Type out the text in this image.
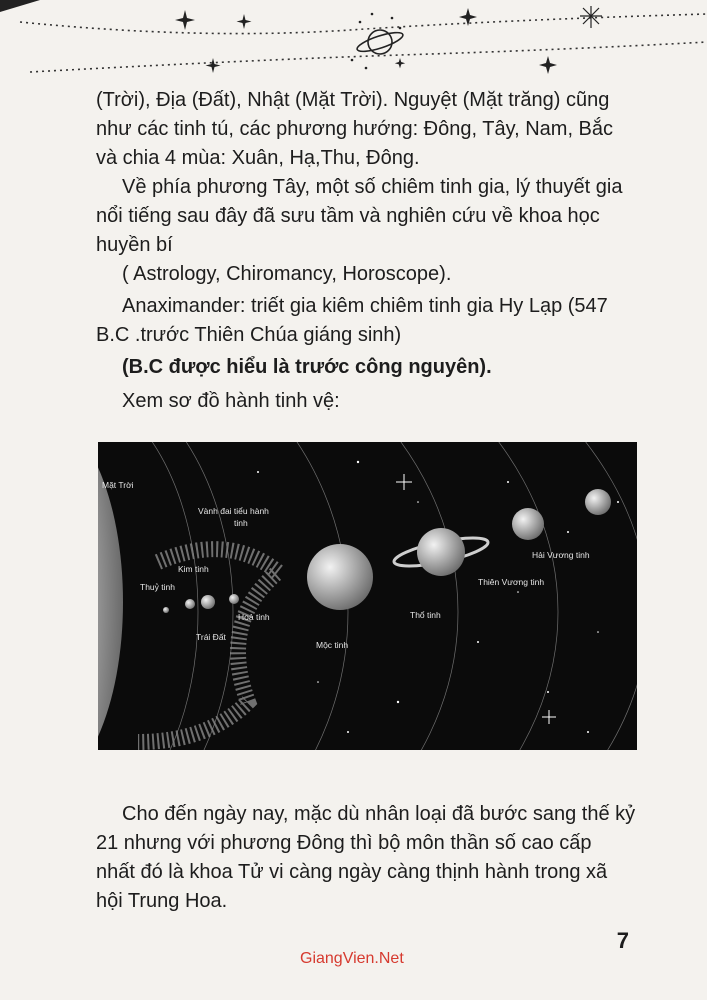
(Trời), Địa (Đất), Nhật (Mặt Trời). Nguyệt (Mặt trăng) cũng như các tinh tú, các phương hướng: Đông, Tây, Nam, Bắc và chia 4 mùa: Xuân, Hạ,Thu, Đông.

Về phía phương Tây, một số chiêm tinh gia, lý thuyết gia nổi tiếng sau đây đã sưu tầm và nghiên cứu về khoa học huyền bí

( Astrology, Chiromancy, Horoscope).

Anaximander: triết gia kiêm chiêm tinh gia Hy Lạp (547 B.C .trước Thiên Chúa giáng sinh)

(B.C được hiểu là trước công nguyên).

Xem sơ đồ hành tinh vệ:

Mặt Trời
Vành đai tiểu hành
tinh
Kim tinh
Thuỷ tinh
Trái Đất
Hoả tinh
Mộc tinh
Thổ tinh
Thiên Vương tinh
Hải Vương tinh

Cho đến ngày nay, mặc dù nhân loại đã bước sang thế kỷ 21 nhưng với phương Đông thì bộ môn thần số cao cấp nhất đó là khoa Tử vi càng ngày càng thịnh hành trong xã hội Trung Hoa.

7

GiangVien.Net
